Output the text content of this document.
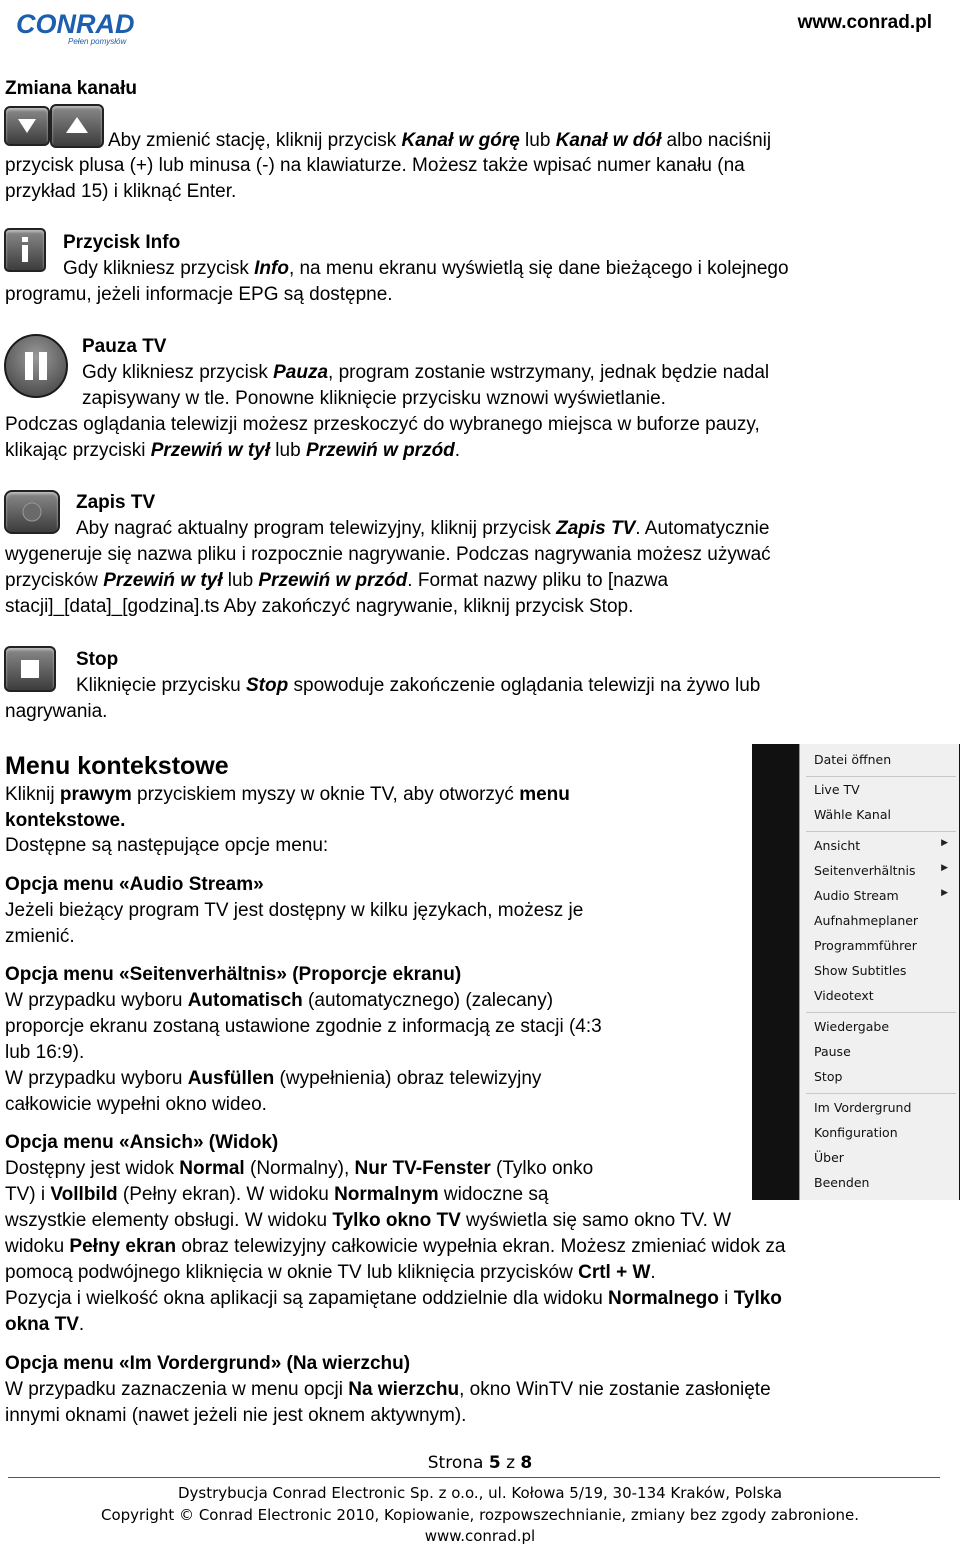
CONRAD
Pełen pomysłów
www.conrad.pl
Zmiana kanału
Aby zmienić stację, kliknij przycisk Kanał w górę lub Kanał w dół albo naciśnij
przycisk plusa (+) lub minusa (-) na klawiaturze. Możesz także wpisać numer kanału (na
przykład 15) i kliknąć Enter.
Przycisk Info
Gdy klikniesz przycisk Info, na menu ekranu wyświetlą się dane bieżącego i kolejnego
programu, jeżeli informacje EPG są dostępne.
Pauza TV
Gdy klikniesz przycisk Pauza, program zostanie wstrzymany, jednak będzie nadal
zapisywany w tle. Ponowne kliknięcie przycisku wznowi wyświetlanie.
Podczas oglądania telewizji możesz przeskoczyć do wybranego miejsca w buforze pauzy,
klikając przyciski Przewiń w tył lub Przewiń w przód.
Zapis TV
Aby nagrać aktualny program telewizyjny, kliknij przycisk Zapis TV. Automatycznie
wygeneruje się nazwa pliku i rozpocznie nagrywanie. Podczas nagrywania możesz używać
przycisków Przewiń w tył lub Przewiń w przód. Format nazwy pliku to [nazwa
stacji]_[data]_[godzina].ts Aby zakończyć nagrywanie, kliknij przycisk Stop.
Stop
Kliknięcie przycisku Stop spowoduje zakończenie oglądania telewizji na żywo lub
nagrywania.
Menu kontekstowe
Kliknij prawym przyciskiem myszy w oknie TV, aby otworzyć menu
kontekstowe.
Dostępne są następujące opcje menu:
Opcja menu «Audio Stream»
Jeżeli bieżący program TV jest dostępny w kilku językach, możesz je
zmienić.
Opcja menu «Seitenverhältnis» (Proporcje ekranu)
W przypadku wyboru Automatisch (automatycznego) (zalecany)
proporcje ekranu zostaną ustawione zgodnie z informacją ze stacji (4:3
lub 16:9).
W przypadku wyboru Ausfüllen (wypełnienia) obraz telewizyjny
całkowicie wypełni okno wideo.
Opcja menu «Ansich» (Widok)
Dostępny jest widok Normal (Normalny), Nur TV-Fenster (Tylko onko
TV) i Vollbild (Pełny ekran). W widoku Normalnym widoczne są
wszystkie elementy obsługi. W widoku Tylko okno TV wyświetla się samo okno TV. W
widoku Pełny ekran obraz telewizyjny całkowicie wypełnia ekran. Możesz zmieniać widok za
pomocą podwójnego kliknięcia w oknie TV lub kliknięcia przycisków Crtl + W.
Pozycja i wielkość okna aplikacji są zapamiętane oddzielnie dla widoku Normalnego i Tylko
okna TV.
Opcja menu «Im Vordergrund» (Na wierzchu)
W przypadku zaznaczenia w menu opcji Na wierzchu, okno WinTV nie zostanie zasłonięte
innymi oknami (nawet jeżeli nie jest oknem aktywnym).
Datei öffnen
Live TV
Wähle Kanal
Ansicht	▶
Seitenverhältnis	▶
Audio Stream	▶
Aufnahmeplaner
Programmführer
Show Subtitles
Videotext
Wiedergabe
Pause
Stop
Im Vordergrund
Konfiguration
Über
Beenden
Strona 5 z 8
Dystrybucja Conrad Electronic Sp. z o.o., ul. Kołowa 5/19, 30-134 Kraków, Polska
Copyright © Conrad Electronic 2010, Kopiowanie, rozpowszechnianie, zmiany bez zgody zabronione.
www.conrad.pl
